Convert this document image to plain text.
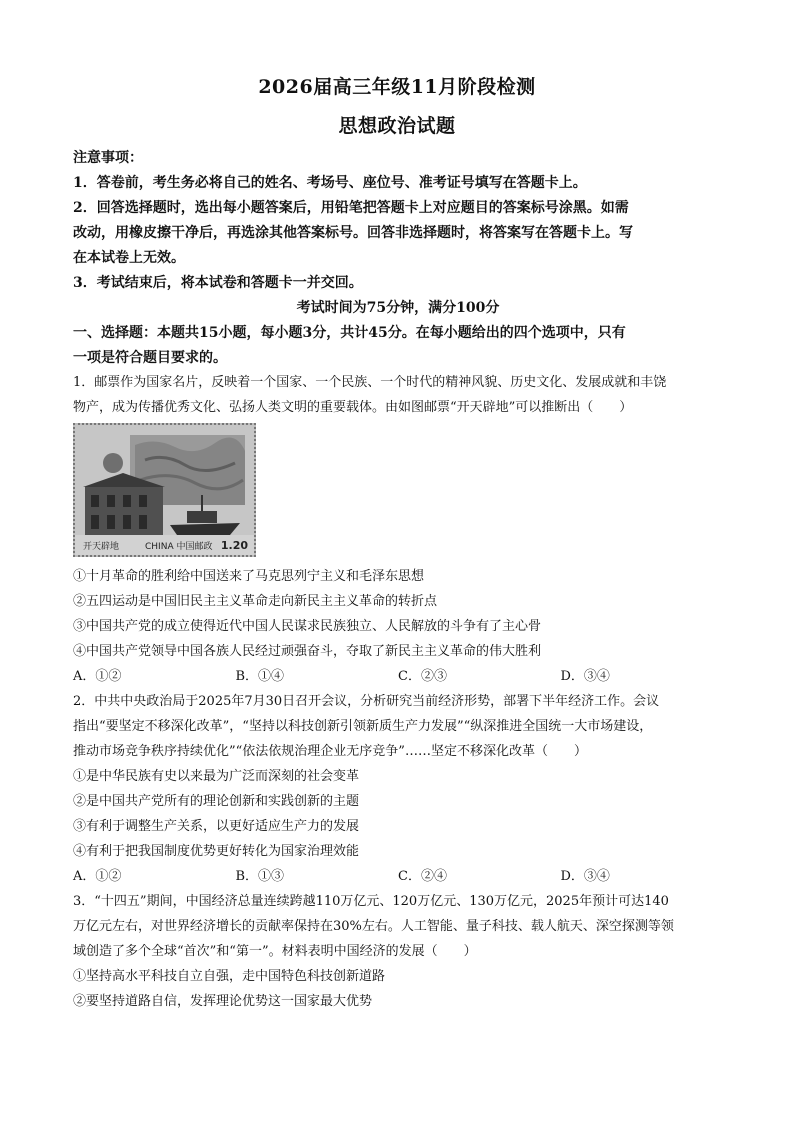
2026届高三年级11月阶段检测
思想政治试题
注意事项：
1．答卷前，考生务必将自己的姓名、考场号、座位号、准考证号填写在答题卡上。
2．回答选择题时，选出每小题答案后，用铅笔把答题卡上对应题目的答案标号涂黑。如需
改动，用橡皮擦干净后，再选涂其他答案标号。回答非选择题时，将答案写在答题卡上。写
在本试卷上无效。
3．考试结束后，将本试卷和答题卡一并交回。
考试时间为75分钟，满分100分
一、选择题：本题共15小题，每小题3分，共计45分。在每小题给出的四个选项中，只有
一项是符合题目要求的。
1．邮票作为国家名片，反映着一个国家、一个民族、一个时代的精神风貌、历史文化、发展成就和丰饶
物产，成为传播优秀文化、弘扬人类文明的重要载体。由如图邮票“开天辟地”可以推断出（　　）
开天辟地	CHINA 中国邮政 1.20
①十月革命的胜利给中国送来了马克思列宁主义和毛泽东思想
②五四运动是中国旧民主主义革命走向新民主主义革命的转折点
③中国共产党的成立使得近代中国人民谋求民族独立、人民解放的斗争有了主心骨
④中国共产党领导中国各族人民经过顽强奋斗，夺取了新民主主义革命的伟大胜利
A．①②	B．①④	C．②③	D．③④
2．中共中央政治局于2025年7月30日召开会议，分析研究当前经济形势，部署下半年经济工作。会议
指出“要坚定不移深化改革”，“坚持以科技创新引领新质生产力发展”“纵深推进全国统一大市场建设，
推动市场竞争秩序持续优化”“依法依规治理企业无序竞争”……坚定不移深化改革（　　）
①是中华民族有史以来最为广泛而深刻的社会变革
②是中国共产党所有的理论创新和实践创新的主题
③有利于调整生产关系，以更好适应生产力的发展
④有利于把我国制度优势更好转化为国家治理效能
A．①②	B．①③	C．②④	D．③④
3．“十四五”期间，中国经济总量连续跨越110万亿元、120万亿元、130万亿元，2025年预计可达140
万亿元左右，对世界经济增长的贡献率保持在30%左右。人工智能、量子科技、载人航天、深空探测等领
域创造了多个全球“首次”和“第一”。材料表明中国经济的发展（　　）
①坚持高水平科技自立自强，走中国特色科技创新道路
②要坚持道路自信，发挥理论优势这一国家最大优势
